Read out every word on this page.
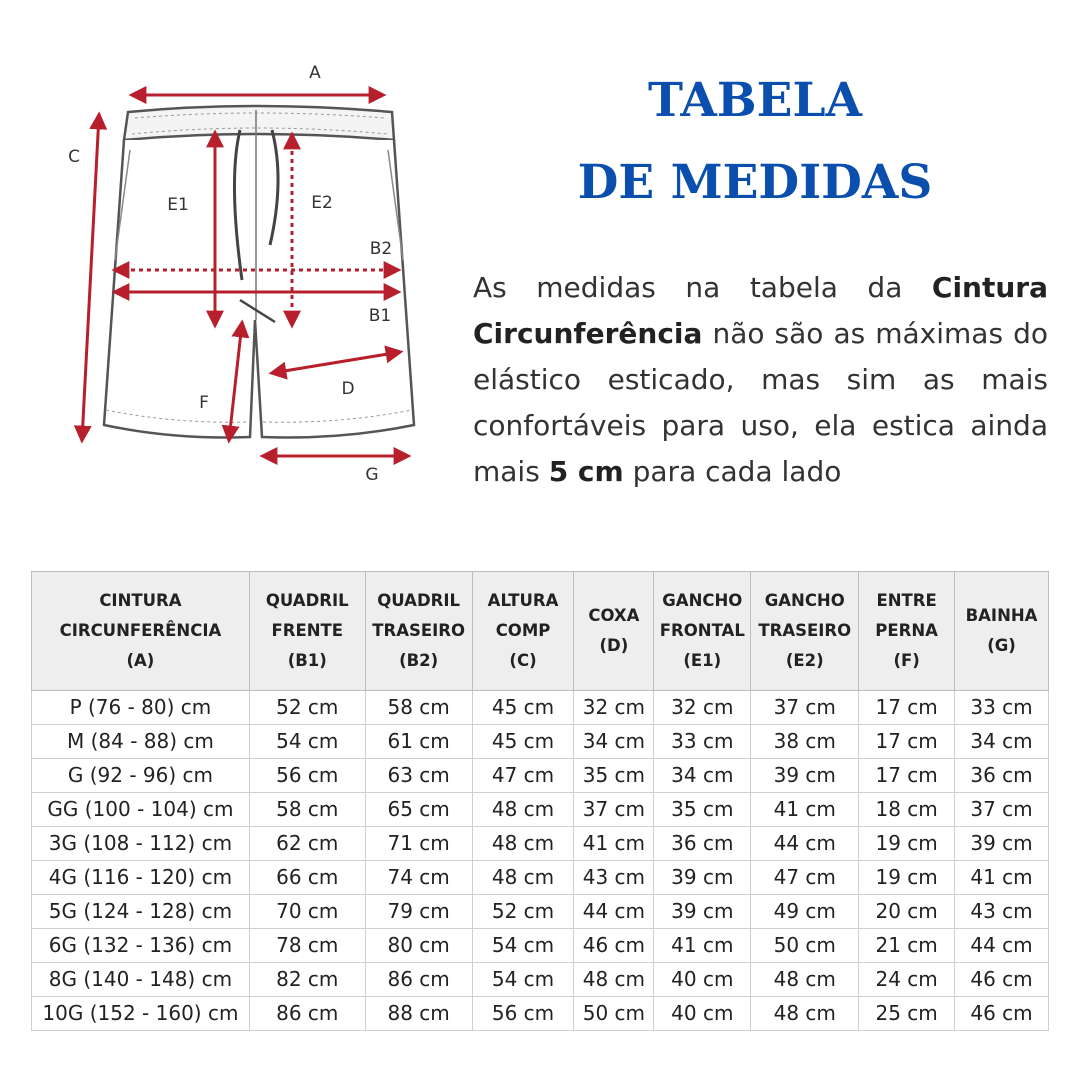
A
C
E1	E2
B2
B1
D
F
G
TABELA
DE MEDIDAS
As medidas na tabela da Cintura Circunferência não são as máximas do elástico esticado, mas sim as mais confortáveis para uso, ela estica ainda mais 5 cm para cada lado
CINTURA
CIRCUNFERÊNCIA
(A)	QUADRIL
FRENTE
(B1)	QUADRIL
TRASEIRO
(B2)	ALTURA
COMP
(C)	COXA
(D)	GANCHO
FRONTAL
(E1)	GANCHO
TRASEIRO
(E2)	ENTRE
PERNA
(F)	BAINHA
(G)

P (76 - 80) cm	52 cm	58 cm	45 cm	32 cm	32 cm	37 cm	17 cm	33 cm
M (84 - 88) cm	54 cm	61 cm	45 cm	34 cm	33 cm	38 cm	17 cm	34 cm
G (92 - 96) cm	56 cm	63 cm	47 cm	35 cm	34 cm	39 cm	17 cm	36 cm
GG (100 - 104) cm	58 cm	65 cm	48 cm	37 cm	35 cm	41 cm	18 cm	37 cm
3G (108 - 112) cm	62 cm	71 cm	48 cm	41 cm	36 cm	44 cm	19 cm	39 cm
4G (116 - 120) cm	66 cm	74 cm	48 cm	43 cm	39 cm	47 cm	19 cm	41 cm
5G (124 - 128) cm	70 cm	79 cm	52 cm	44 cm	39 cm	49 cm	20 cm	43 cm
6G (132 - 136) cm	78 cm	80 cm	54 cm	46 cm	41 cm	50 cm	21 cm	44 cm
8G (140 - 148) cm	82 cm	86 cm	54 cm	48 cm	40 cm	48 cm	24 cm	46 cm
10G (152 - 160) cm	86 cm	88 cm	56 cm	50 cm	40 cm	48 cm	25 cm	46 cm
